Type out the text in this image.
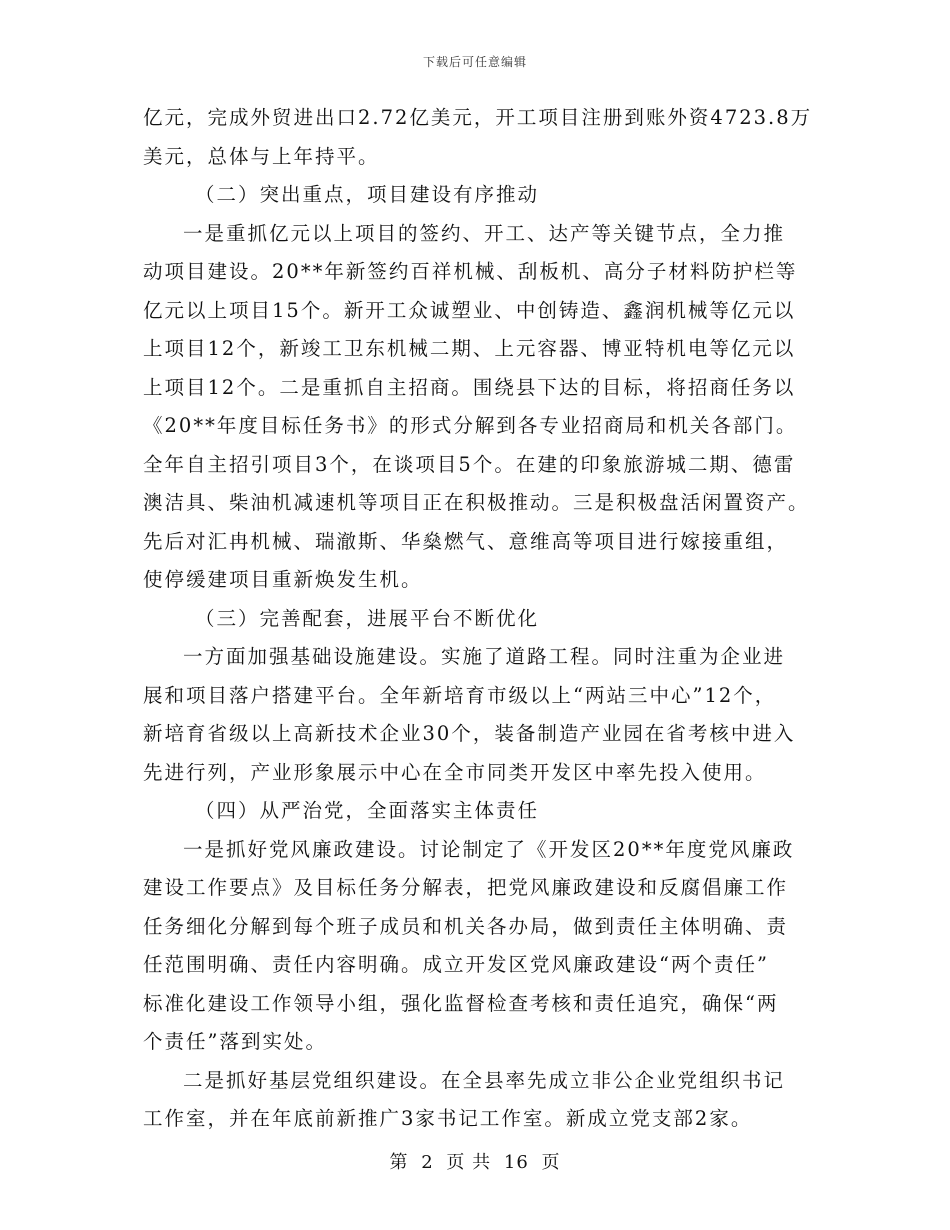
下载后可任意编辑
亿元，完成外贸进出口2.72亿美元，开工项目注册到账外资4723.8万
美元，总体与上年持平。
（二）突出重点，项目建设有序推动
一是重抓亿元以上项目的签约、开工、达产等关键节点，全力推
动项目建设。20**年新签约百祥机械、刮板机、高分子材料防护栏等
亿元以上项目15个。新开工众诚塑业、中创铸造、鑫润机械等亿元以
上项目12个，新竣工卫东机械二期、上元容器、博亚特机电等亿元以
上项目12个。二是重抓自主招商。围绕县下达的目标，将招商任务以
《20**年度目标任务书》的形式分解到各专业招商局和机关各部门。
全年自主招引项目3个，在谈项目5个。在建的印象旅游城二期、德雷
澳洁具、柴油机减速机等项目正在积极推动。三是积极盘活闲置资产。
先后对汇冉机械、瑞澈斯、华燊燃气、意维高等项目进行嫁接重组，
使停缓建项目重新焕发生机。
（三）完善配套，进展平台不断优化
一方面加强基础设施建设。实施了道路工程。同时注重为企业进
展和项目落户搭建平台。全年新培育市级以上“两站三中心”12个，
新培育省级以上高新技术企业30个，装备制造产业园在省考核中进入
先进行列，产业形象展示中心在全市同类开发区中率先投入使用。
（四）从严治党，全面落实主体责任
一是抓好党风廉政建设。讨论制定了《开发区20**年度党风廉政
建设工作要点》及目标任务分解表，把党风廉政建设和反腐倡廉工作
任务细化分解到每个班子成员和机关各办局，做到责任主体明确、责
任范围明确、责任内容明确。成立开发区党风廉政建设“两个责任”
标准化建设工作领导小组，强化监督检查考核和责任追究，确保“两
个责任”落到实处。
二是抓好基层党组织建设。在全县率先成立非公企业党组织书记
工作室，并在年底前新推广3家书记工作室。新成立党支部2家。
第 2 页 共 16 页
